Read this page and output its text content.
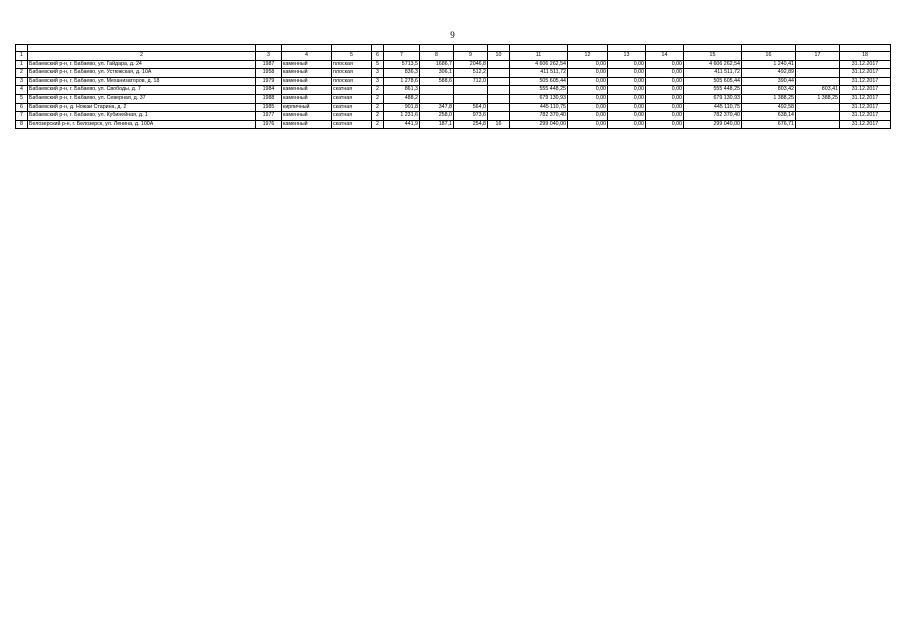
9

1	2	3	4	5	6	7	8	9	10	11	12	13	14	15	16	17	18
1	Бабаевский р-н, г. Бабаево, ул. Гайдара, д. 24	1987	каменный	плоская	5	5713,5	1686,7	2046,8		4 606 262,54	0,00	0,00	0,00	4 606 262,54	1 240,41		31.12.2017
2	Бабаевский р-н, г. Бабаево, ул. Устюжская, д. 10А	1958	каменный	плоская	3	836,3	306,1	512,2		411 511,72	0,00	0,00	0,00	411 511,72	492,89		31.12.2017
3	Бабаевский р-н, г. Бабаево, ул. Механизаторов, д. 18	1979	каменный	плоская	3	1 278,6	588,6	712,0		505 605,44	0,00	0,00	0,00	505 605,44	390,44		31.12.2017
4	Бабаевский р-н, г. Бабаево, ул. Свободы, д. 7	1984	каменный	скатная	2	861,3				555 448,25	0,00	0,00	0,00	555 448,25	803,42	803,41	31.12.2017
5	Бабаевский р-н, г. Бабаево, ул. Северная, д. 37	1988	каменный	скатная	2	488,2				679 130,93	0,00	0,00	0,00	679 130,93	1 388,25	1 388,25	31.12.2017
6	Бабаевский р-н, д. Ножаи Старина, д. 2	1985	кирпичный	скатная	2	901,8	347,8	564,0		445 110,75	0,00	0,00	0,00	445 110,75	492,58		31.12.2017
7	Бабаевский р-н, г. Бабаево, ул. Кубинейная, д. 1	1977	каменный	скатная	2	1 231,6	258,0	973,6		782 370,40	0,00	0,00	0,00	782 370,40	638,14		31.12.2017
8	Белозерский р-н, г. Белозерск, ул. Ленина, д. 100А	1976	каменный	скатная	2	441,9	187,1	254,8	16	299 040,00	0,00	0,00	0,00	299 040,00	676,71		31.12.2017
